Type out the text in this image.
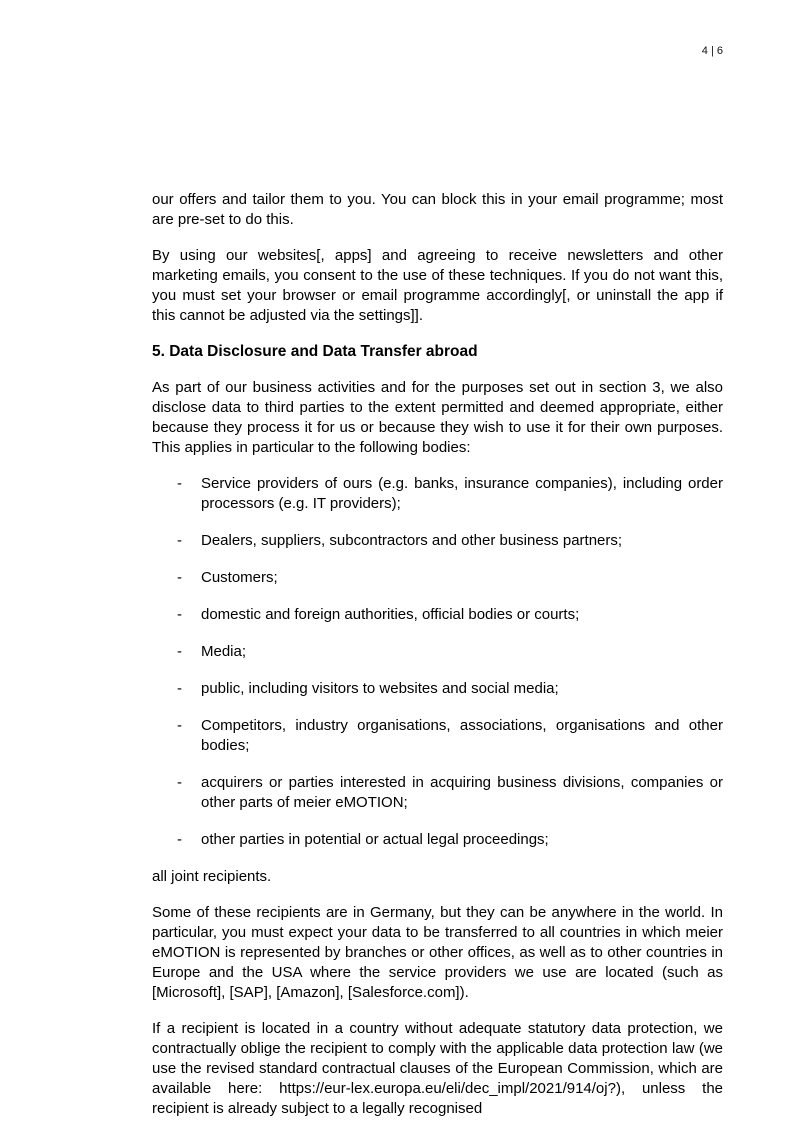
4 | 6

our offers and tailor them to you. You can block this in your email programme; most are pre-set to do this.

By using our websites[, apps] and agreeing to receive newsletters and other marketing emails, you consent to the use of these techniques. If you do not want this, you must set your browser or email programme accordingly[, or uninstall the app if this cannot be adjusted via the settings]].

5. Data Disclosure and Data Transfer abroad

As part of our business activities and for the purposes set out in section 3, we also disclose data to third parties to the extent permitted and deemed appropriate, either because they process it for us or because they wish to use it for their own purposes. This applies in particular to the following bodies:

- Service providers of ours (e.g. banks, insurance companies), including order processors (e.g. IT providers);
- Dealers, suppliers, subcontractors and other business partners;
- Customers;
- domestic and foreign authorities, official bodies or courts;
- Media;
- public, including visitors to websites and social media;
- Competitors, industry organisations, associations, organisations and other bodies;
- acquirers or parties interested in acquiring business divisions, companies or other parts of meier eMOTION;
- other parties in potential or actual legal proceedings;

all joint recipients.

Some of these recipients are in Germany, but they can be anywhere in the world. In particular, you must expect your data to be transferred to all countries in which meier eMOTION is represented by branches or other offices, as well as to other countries in Europe and the USA where the service providers we use are located (such as [Microsoft], [SAP], [Amazon], [Salesforce.com]).

If a recipient is located in a country without adequate statutory data protection, we contractually oblige the recipient to comply with the applicable data protection law (we use the revised standard contractual clauses of the European Commission, which are available here: https://eur-lex.europa.eu/eli/dec_impl/2021/914/oj?), unless the recipient is already subject to a legally recognised
